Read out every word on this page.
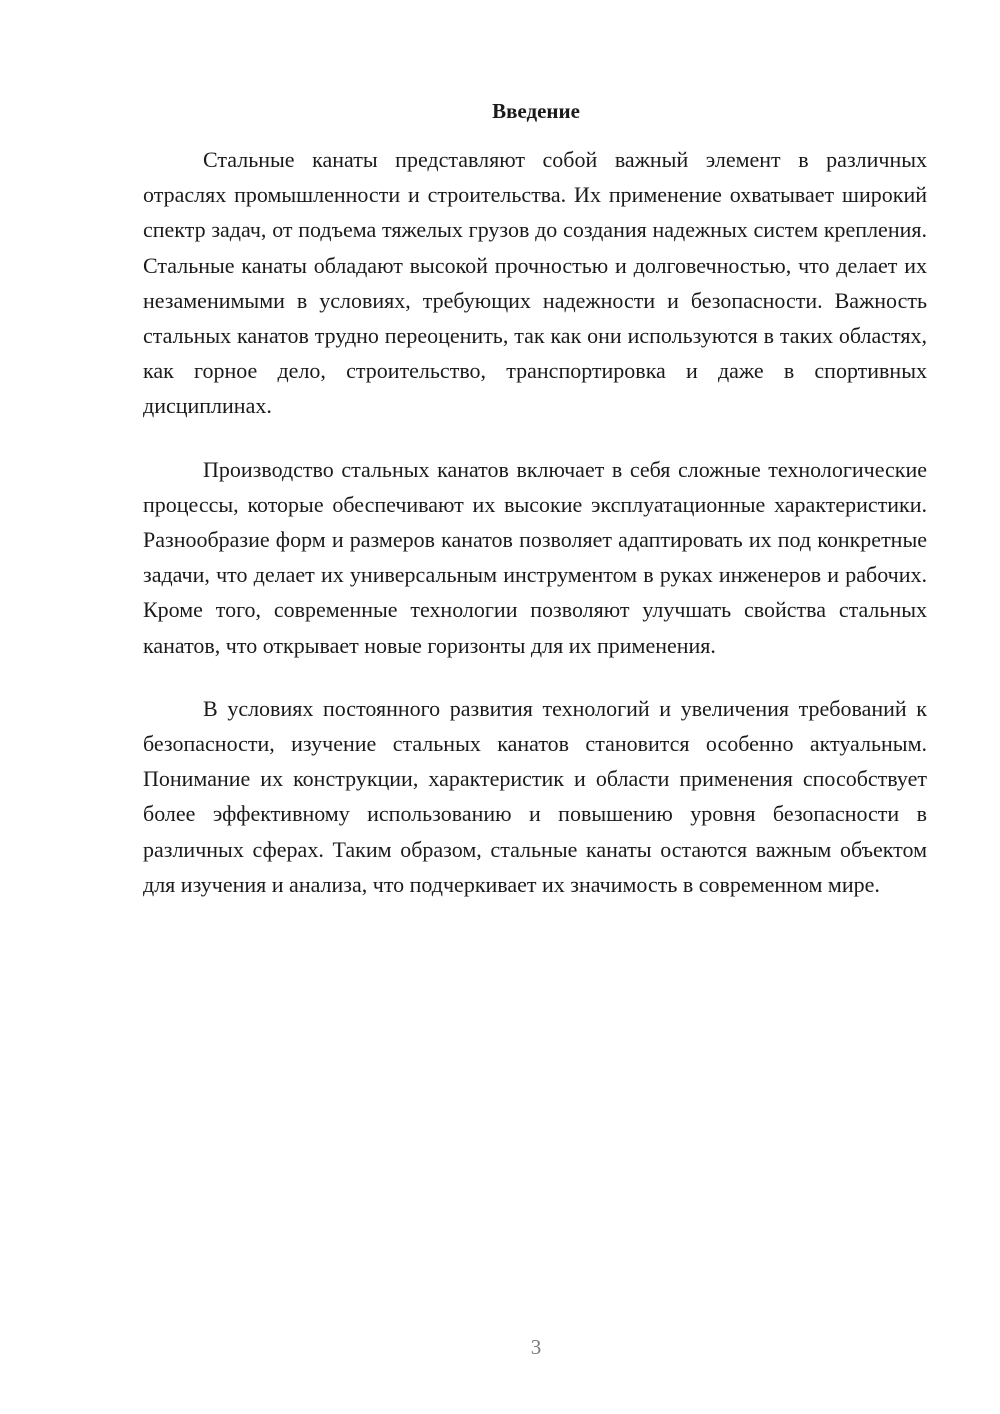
Введение

Стальные канаты представляют собой важный элемент в различных отраслях промышленности и строительства. Их применение охватывает широкий спектр задач, от подъема тяжелых грузов до создания надежных систем крепления. Стальные канаты обладают высокой прочностью и долговечностью, что делает их незаменимыми в условиях, требующих надежности и безопасности. Важность стальных канатов трудно переоценить, так как они используются в таких областях, как горное дело, строительство, транспортировка и даже в спортивных дисциплинах.

Производство стальных канатов включает в себя сложные технологические процессы, которые обеспечивают их высокие эксплуатационные характеристики. Разнообразие форм и размеров канатов позволяет адаптировать их под конкретные задачи, что делает их универсальным инструментом в руках инженеров и рабочих. Кроме того, современные технологии позволяют улучшать свойства стальных канатов, что открывает новые горизонты для их применения.

В условиях постоянного развития технологий и увеличения требований к безопасности, изучение стальных канатов становится особенно актуальным. Понимание их конструкции, характеристик и области применения способствует более эффективному использованию и повышению уровня безопасности в различных сферах. Таким образом, стальные канаты остаются важным объектом для изучения и анализа, что подчеркивает их значимость в современном мире.

3
